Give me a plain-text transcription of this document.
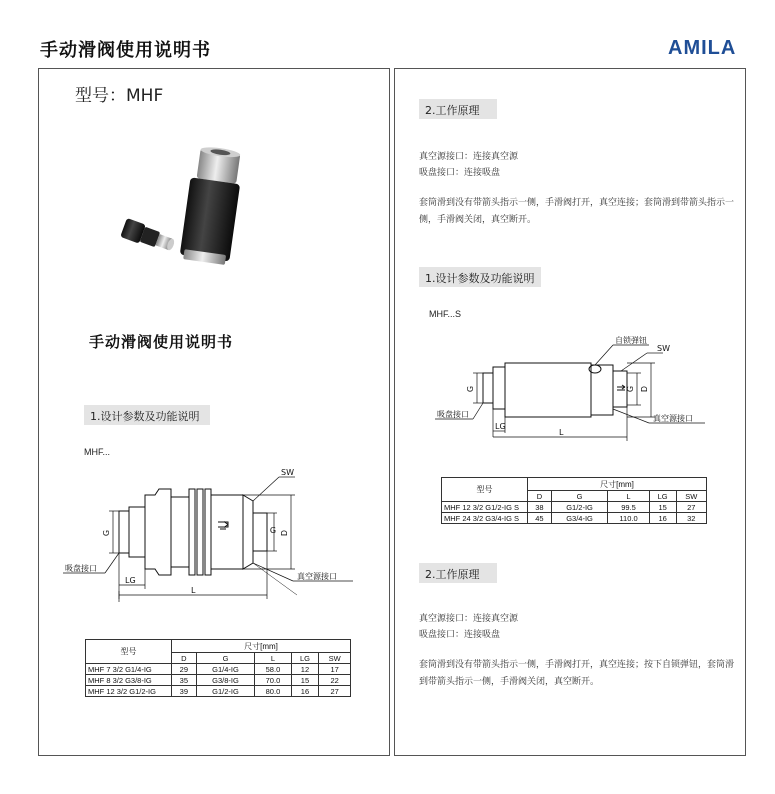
手动滑阀使用说明书	AMILA
型号：MHF
手动滑阀使用说明书
1.设计参数及功能说明
MHF...
SW
G	G D
LG
L
吸盘接口
真空源接口
型号	尺寸[mm]				
	D	G	L	LG	SW
MHF 7 3/2 G1/4-IG	29	G1/4-IG	58.0	12	17
MHF 8 3/2 G3/8-IG	35	G3/8-IG	70.0	15	22
MHF 12 3/2 G1/2-IG	39	G1/2-IG	80.0	16	27
2.工作原理
真空源接口：连接真空源
吸盘接口：连接吸盘
套筒滑到没有带箭头指示一侧，手滑阀打开，真空连接；套筒滑到带箭头指示一侧，手滑阀关闭，真空断开。
1.设计参数及功能说明
MHF...S
自锁弹钮
SW
G	G D
LG
L
吸盘接口	真空源接口
型号	尺寸[mm]				
	D	G	L	LG	SW
MHF 12 3/2 G1/2-IG S	38	G1/2-IG	99.5	15	27
MHF 24 3/2 G3/4-IG S	45	G3/4-IG	110.0	16	32
2.工作原理
真空源接口：连接真空源
吸盘接口：连接吸盘
套筒滑到没有带箭头指示一侧，手滑阀打开，真空连接；按下自锁弹钮，套筒滑到带箭头指示一侧，手滑阀关闭，真空断开。
